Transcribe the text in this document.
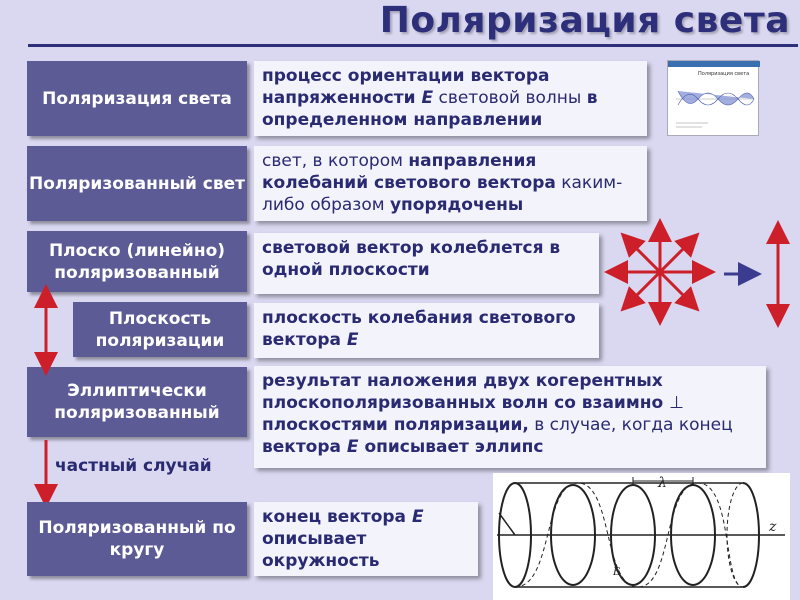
Поляризация света
Поляризация света
процесс ориентации вектора напряженности E световой волны в определенном направлении
Поляризация света
Поляризованный свет
свет, в котором направления колебаний светового вектора каким-либо образом упорядочены
Плоско (линейно) поляризованный
световой вектор колеблется в одной плоскости
Плоскость поляризации
плоскость колебания светового вектора E
Эллиптически поляризованный
результат наложения двух когерентных плоскополяризованных волн со взаимно ⊥ плоскостями поляризации, в случае, когда конец вектора E описывает эллипс
частный случай
Поляризованный по кругу
конец вектора E описывает окружность
λ
z
E
